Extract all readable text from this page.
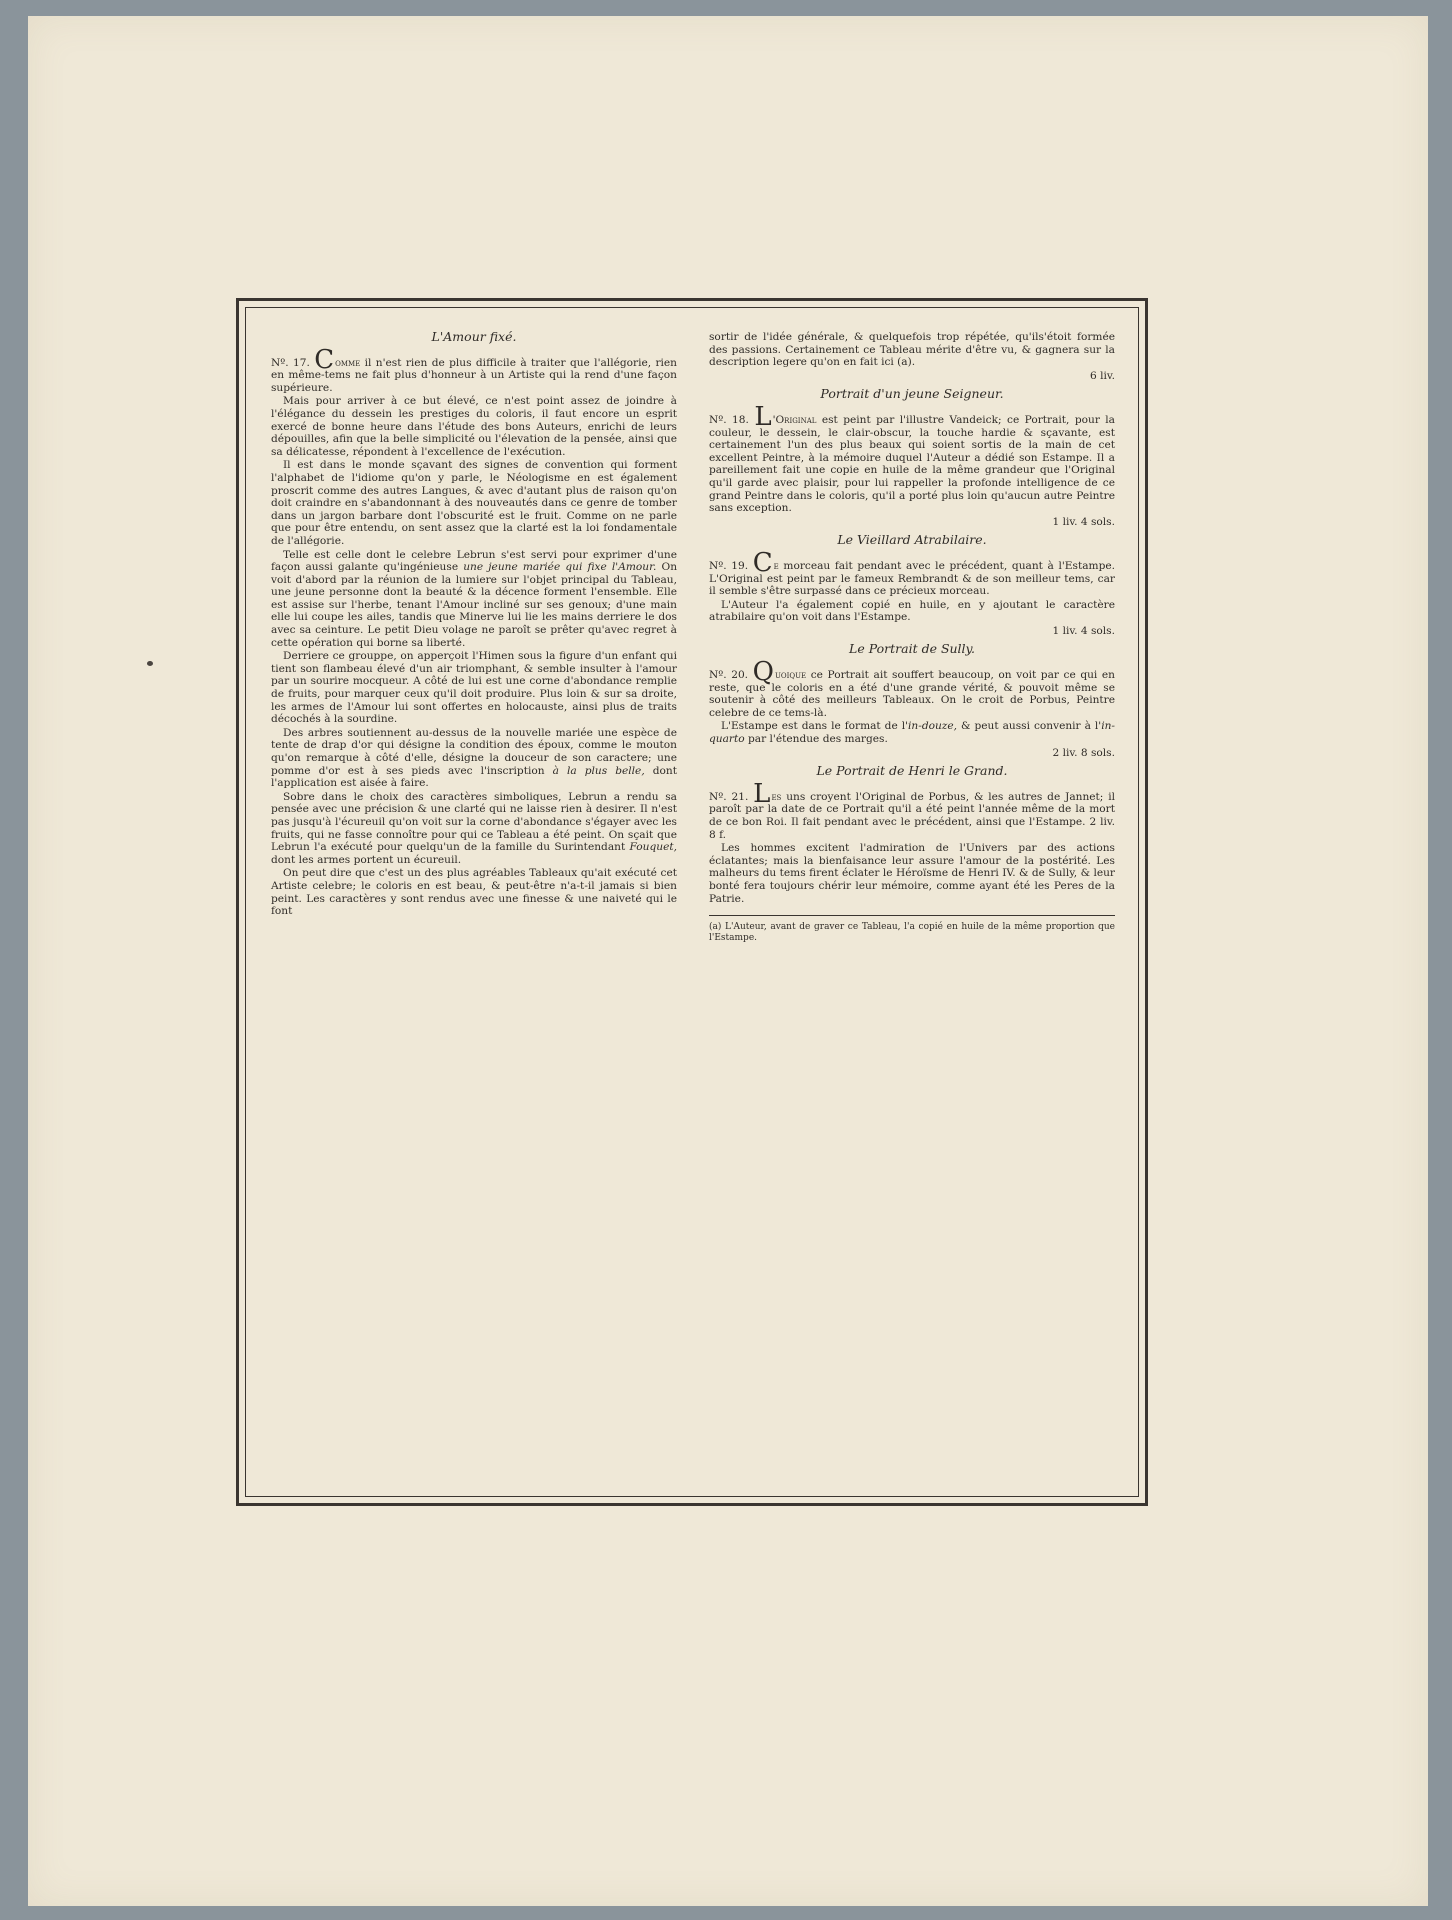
L'Amour fixé.

Nº. 17. Comme il n'est rien de plus difficile à traiter que l'allégorie, rien en même-tems ne fait plus d'honneur à un Artiste qui la rend d'une façon supérieure.

Mais pour arriver à ce but élevé, ce n'est point assez de joindre à l'élégance du dessein les prestiges du coloris, il faut encore un esprit exercé de bonne heure dans l'étude des bons Auteurs, enrichi de leurs dépouilles, afin que la belle simplicité ou l'élevation de la pensée, ainsi que sa délicatesse, répondent à l'excellence de l'exécution.

Il est dans le monde sçavant des signes de convention qui forment l'alphabet de l'idiome qu'on y parle, le Néologisme en est également proscrit comme des autres Langues, & avec d'autant plus de raison qu'on doit craindre en s'abandonnant à des nouveautés dans ce genre de tomber dans un jargon barbare dont l'obscurité est le fruit. Comme on ne parle que pour être entendu, on sent assez que la clarté est la loi fondamentale de l'allégorie.

Telle est celle dont le celebre Lebrun s'est servi pour exprimer d'une façon aussi galante qu'ingénieuse une jeune mariée qui fixe l'Amour. On voit d'abord par la réunion de la lumiere sur l'objet principal du Tableau, une jeune personne dont la beauté & la décence forment l'ensemble. Elle est assise sur l'herbe, tenant l'Amour incliné sur ses genoux; d'une main elle lui coupe les ailes, tandis que Minerve lui lie les mains derriere le dos avec sa ceinture. Le petit Dieu volage ne paroît se prêter qu'avec regret à cette opération qui borne sa liberté.

Derriere ce grouppe, on apperçoit l'Himen sous la figure d'un enfant qui tient son flambeau élevé d'un air triomphant, & semble insulter à l'amour par un sourire mocqueur. A côté de lui est une corne d'abondance remplie de fruits, pour marquer ceux qu'il doit produire. Plus loin & sur sa droite, les armes de l'Amour lui sont offertes en holocauste, ainsi plus de traits décochés à la sourdine.

Des arbres soutiennent au-dessus de la nouvelle mariée une espèce de tente de drap d'or qui désigne la condition des époux, comme le mouton qu'on remarque à côté d'elle, désigne la douceur de son caractere; une pomme d'or est à ses pieds avec l'inscription à la plus belle, dont l'application est aisée à faire.

Sobre dans le choix des caractères simboliques, Lebrun a rendu sa pensée avec une précision & une clarté qui ne laisse rien à desirer. Il n'est pas jusqu'à l'écureuil qu'on voit sur la corne d'abondance s'égayer avec les fruits, qui ne fasse connoître pour qui ce Tableau a été peint. On sçait que Lebrun l'a exécuté pour quelqu'un de la famille du Surintendant Fouquet, dont les armes portent un écureuil.

On peut dire que c'est un des plus agréables Tableaux qu'ait exécuté cet Artiste celebre; le coloris en est beau, & peut-être n'a-t-il jamais si bien peint. Les caractères y sont rendus avec une finesse & une naiveté qui le font

sortir de l'idée générale, & quelquefois trop répétée, qu'ils'étoit formée des passions. Certainement ce Tableau mérite d'être vu, & gagnera sur la description legere qu'on en fait ici (a).

6 liv.
Portrait d'un jeune Seigneur.

Nº. 18. L'Original est peint par l'illustre Vandeick; ce Portrait, pour la couleur, le dessein, le clair-obscur, la touche hardie & sçavante, est certainement l'un des plus beaux qui soient sortis de la main de cet excellent Peintre, à la mémoire duquel l'Auteur a dédié son Estampe. Il a pareillement fait une copie en huile de la même grandeur que l'Original qu'il garde avec plaisir, pour lui rappeller la profonde intelligence de ce grand Peintre dans le coloris, qu'il a porté plus loin qu'aucun autre Peintre sans exception.

1 liv. 4 sols.
Le Vieillard Atrabilaire.

Nº. 19. Ce morceau fait pendant avec le précédent, quant à l'Estampe. L'Original est peint par le fameux Rembrandt & de son meilleur tems, car il semble s'être surpassé dans ce précieux morceau.

L'Auteur l'a également copié en huile, en y ajoutant le caractère atrabilaire qu'on voit dans l'Estampe.

1 liv. 4 sols.
Le Portrait de Sully.

Nº. 20. Quoique ce Portrait ait souffert beaucoup, on voit par ce qui en reste, que le coloris en a été d'une grande vérité, & pouvoit même se soutenir à côté des meilleurs Tableaux. On le croit de Porbus, Peintre celebre de ce tems-là.

L'Estampe est dans le format de l'in-douze, & peut aussi convenir à l'in-quarto par l'étendue des marges.

2 liv. 8 sols.
Le Portrait de Henri le Grand.

Nº. 21. Les uns croyent l'Original de Porbus, & les autres de Jannet; il paroît par la date de ce Portrait qu'il a été peint l'année même de la mort de ce bon Roi. Il fait pendant avec le précédent, ainsi que l'Estampe. 2 liv. 8 f.

Les hommes excitent l'admiration de l'Univers par des actions éclatantes; mais la bienfaisance leur assure l'amour de la postérité. Les malheurs du tems firent éclater le Héroïsme de Henri IV. & de Sully, & leur bonté fera toujours chérir leur mémoire, comme ayant été les Peres de la Patrie.

(a) L'Auteur, avant de graver ce Tableau, l'a copié en huile de la même proportion que l'Estampe.
